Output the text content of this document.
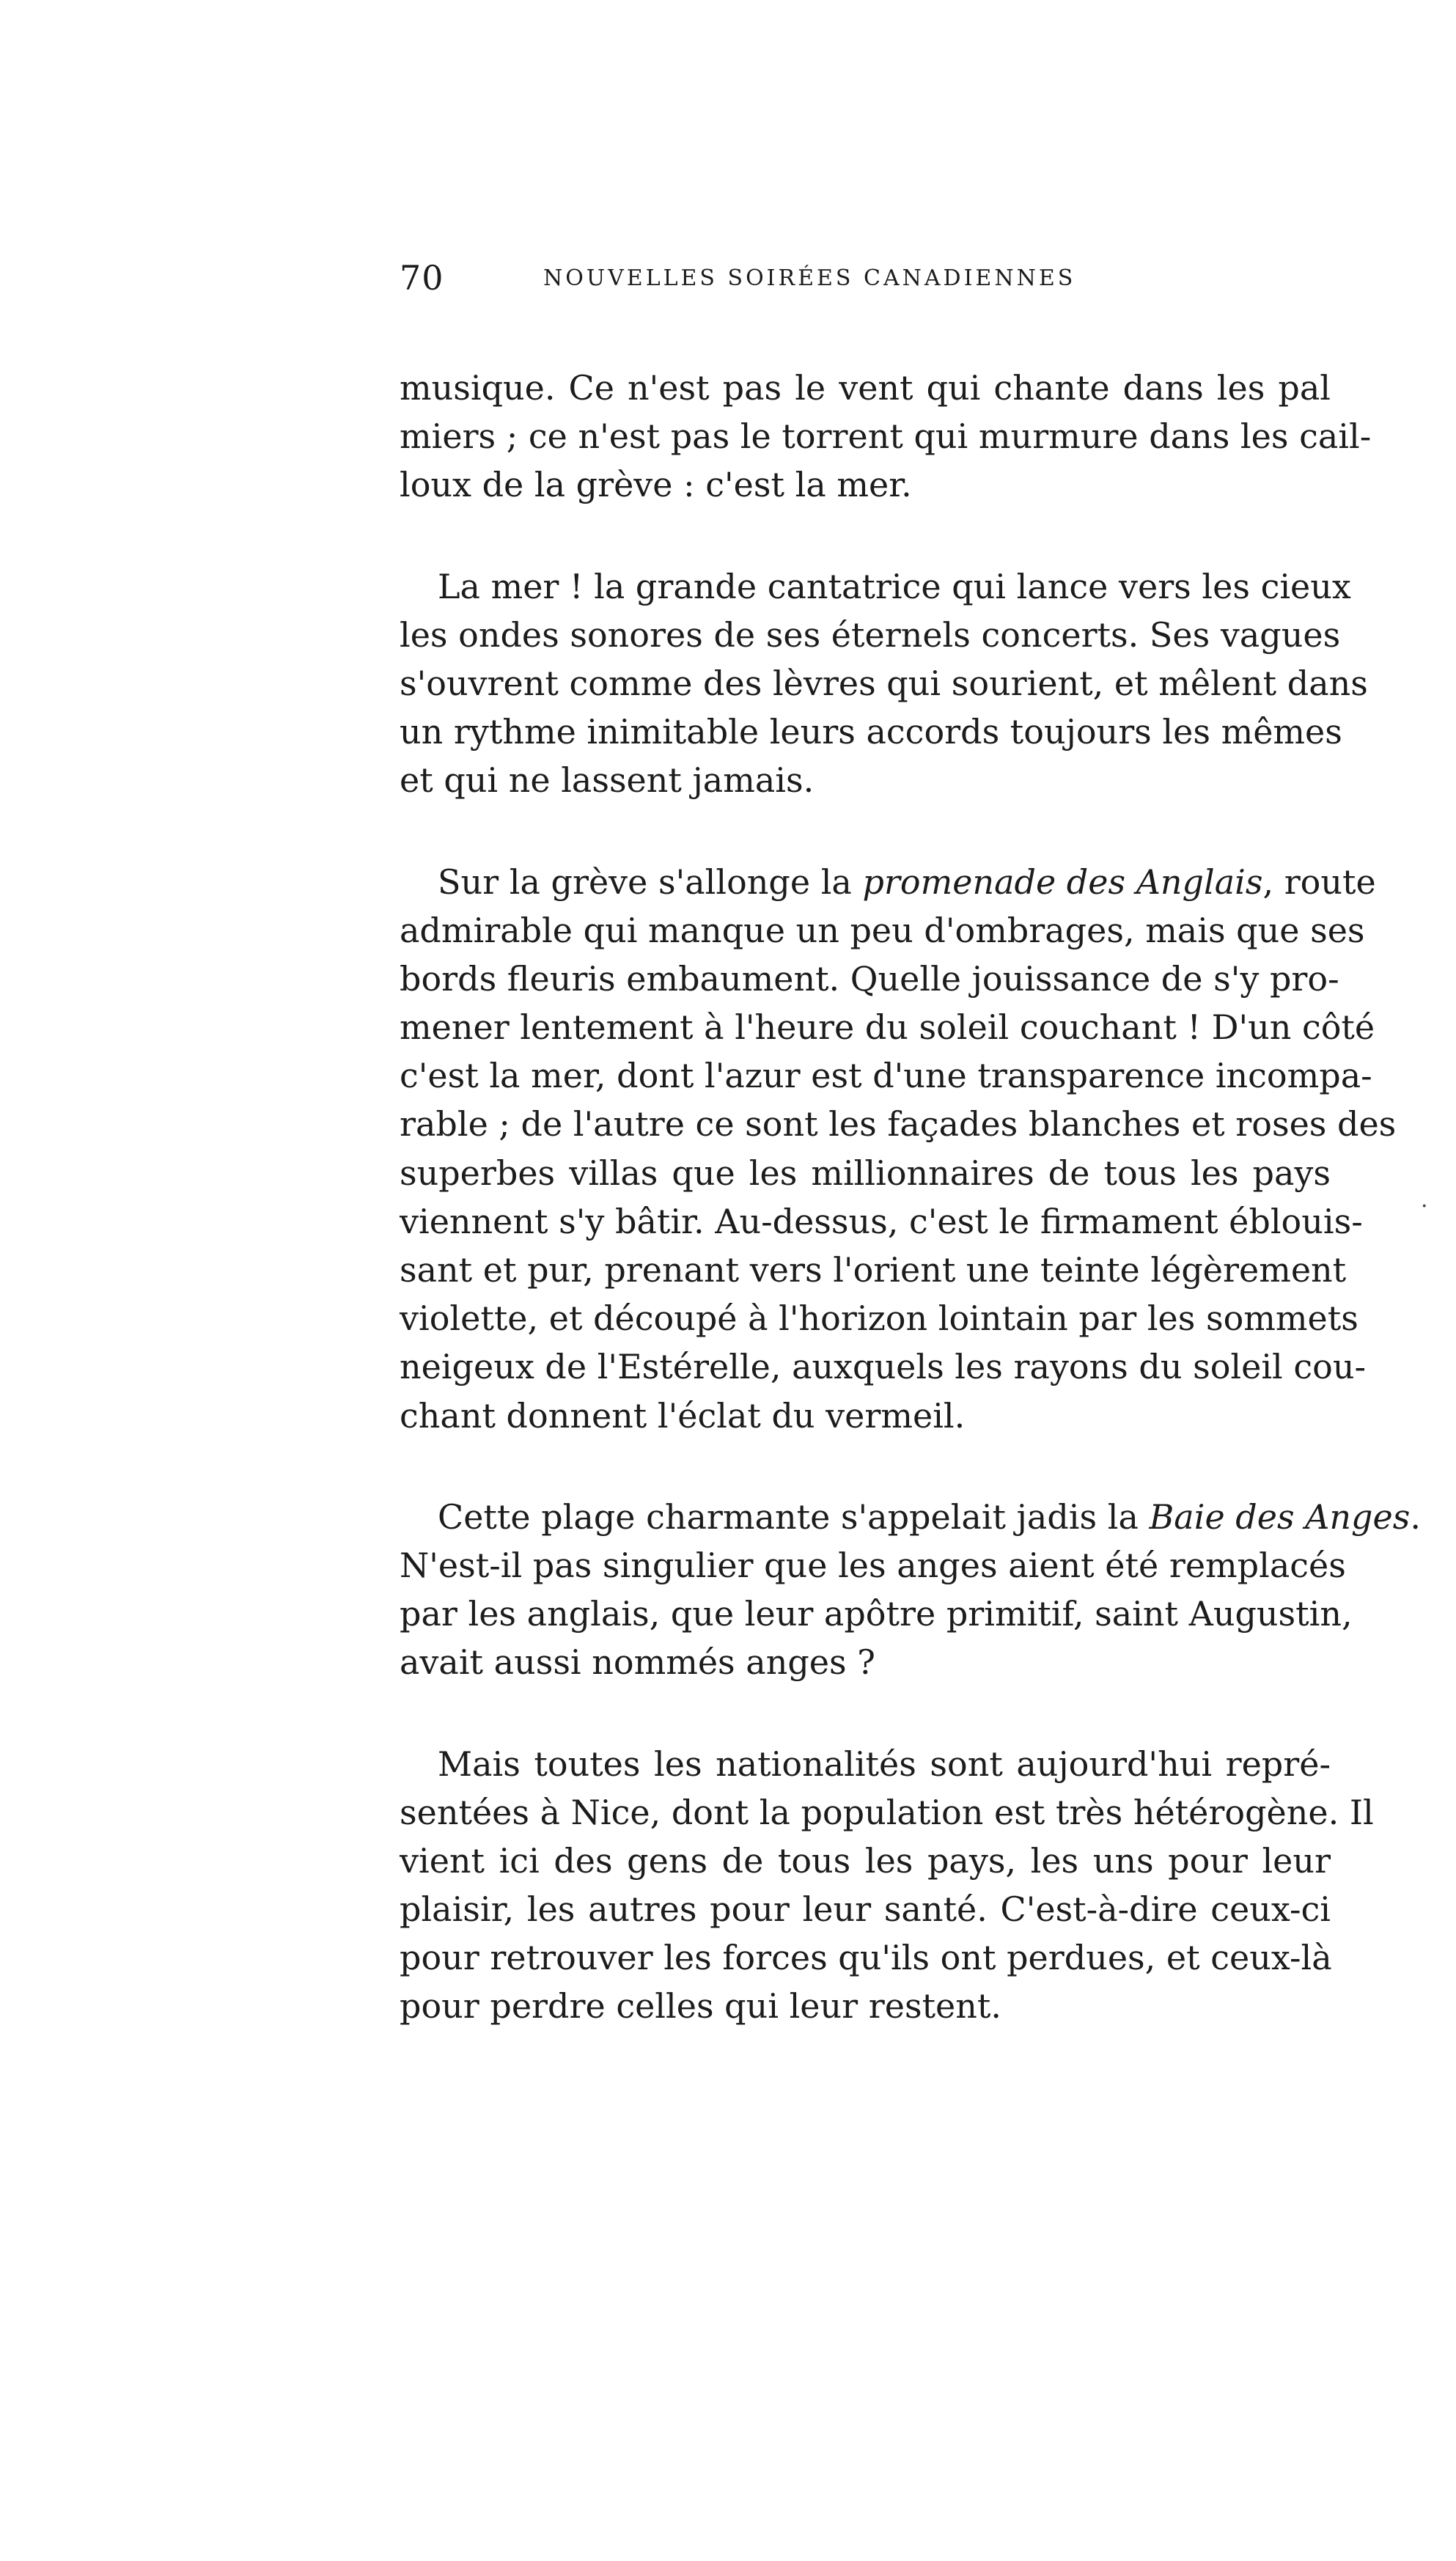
70	NOUVELLES SOIRÉES CANADIENNES

musique. Ce n'est pas le vent qui chante dans les pal
miers ; ce n'est pas le torrent qui murmure dans les cail-
loux de la grève : c'est la mer.

La mer ! la grande cantatrice qui lance vers les cieux
les ondes sonores de ses éternels concerts. Ses vagues
s'ouvrent comme des lèvres qui sourient, et mêlent dans
un rythme inimitable leurs accords toujours les mêmes
et qui ne lassent jamais.

Sur la grève s'allonge la promenade des Anglais, route
admirable qui manque un peu d'ombrages, mais que ses
bords fleuris embaument. Quelle jouissance de s'y pro-
mener lentement à l'heure du soleil couchant ! D'un côté
c'est la mer, dont l'azur est d'une transparence incompa-
rable ; de l'autre ce sont les façades blanches et roses des
superbes villas que les millionnaires de tous les pays
viennent s'y bâtir. Au-dessus, c'est le firmament éblouis-
sant et pur, prenant vers l'orient une teinte légèrement
violette, et découpé à l'horizon lointain par les sommets
neigeux de l'Estérelle, auxquels les rayons du soleil cou-
chant donnent l'éclat du vermeil.

Cette plage charmante s'appelait jadis la Baie des Anges.
N'est-il pas singulier que les anges aient été remplacés
par les anglais, que leur apôtre primitif, saint Augustin,
avait aussi nommés anges ?

Mais toutes les nationalités sont aujourd'hui repré-
sentées à Nice, dont la population est très hétérogène. Il
vient ici des gens de tous les pays, les uns pour leur
plaisir, les autres pour leur santé. C'est-à-dire ceux-ci
pour retrouver les forces qu'ils ont perdues, et ceux-là
pour perdre celles qui leur restent.

·
